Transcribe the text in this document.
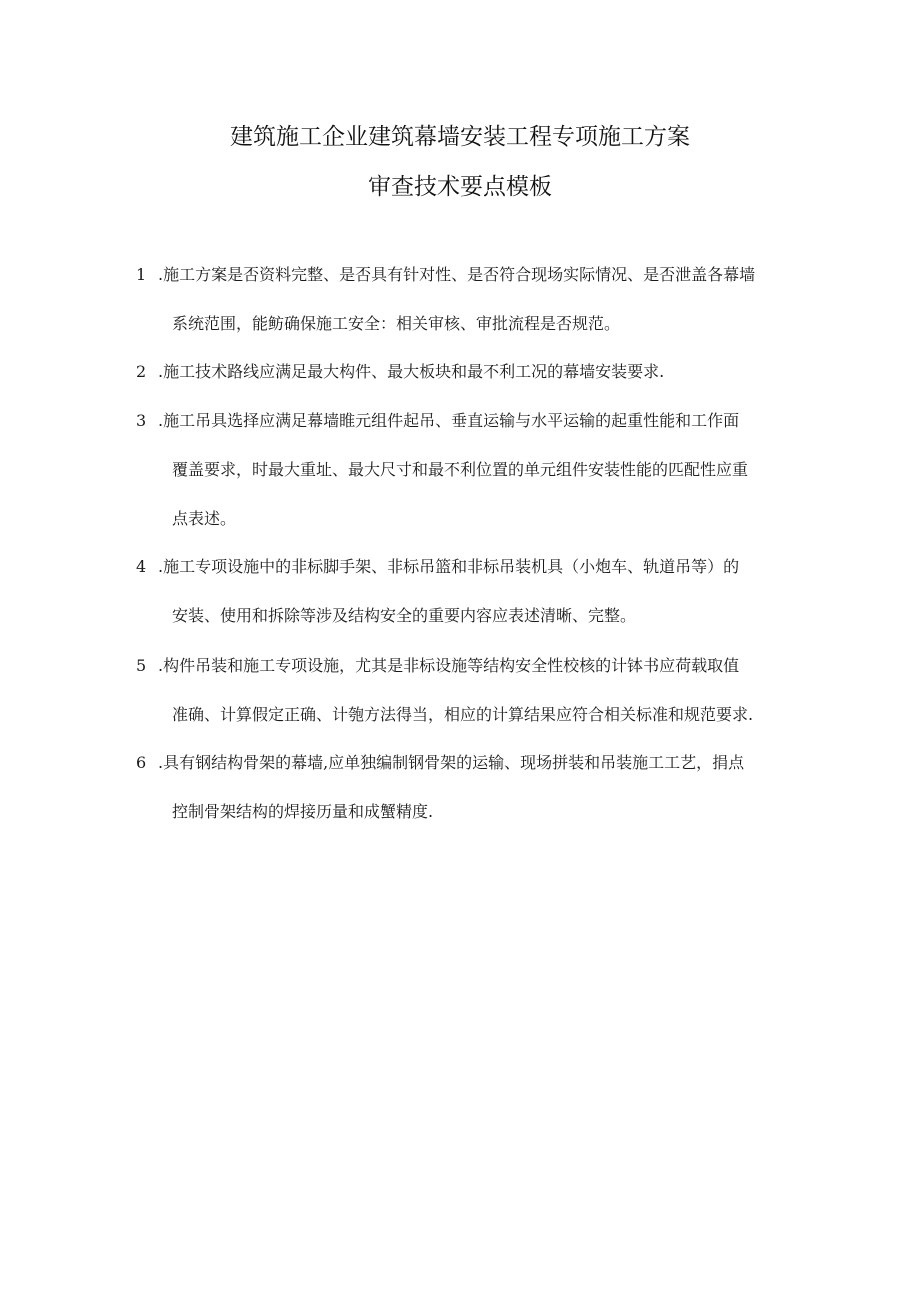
建筑施工企业建筑幕墙安装工程专项施工方案
审查技术要点模板
1 .施工方案是否资料完整、是否具有针对性、是否符合现场实际情况、是否泄盖各幕墙
系统范围，能鲂确保施工安全：相关审核、审批流程是否规范。
2 .施工技术路线应满足最大构件、最大板块和最不利工况的幕墙安装要求.
3 .施工吊具选择应满足幕墙睢元组件起吊、垂直运输与水平运输的起重性能和工作面
覆盖要求，时最大重址、最大尺寸和最不利位置的单元组件安装性能的匹配性应重
点表述。
4 .施工专项设施中的非标脚手架、非标吊篮和非标吊装机具（小炮车、轨道吊等）的
安装、使用和拆除等涉及结构安全的重要内容应表述清晰、完整。
5 .构件吊装和施工专项设施，尤其是非标设施等结构安全性校核的计钵书应荷载取值
准确、计算假定正确、计匏方法得当，相应的计算结果应符合相关标准和规范要求.
6 .具有钢结构骨架的幕墙,应单独编制钢骨架的运输、现场拼装和吊装施工工艺，捐点
控制骨架结构的焊接历量和成蟹精度.
